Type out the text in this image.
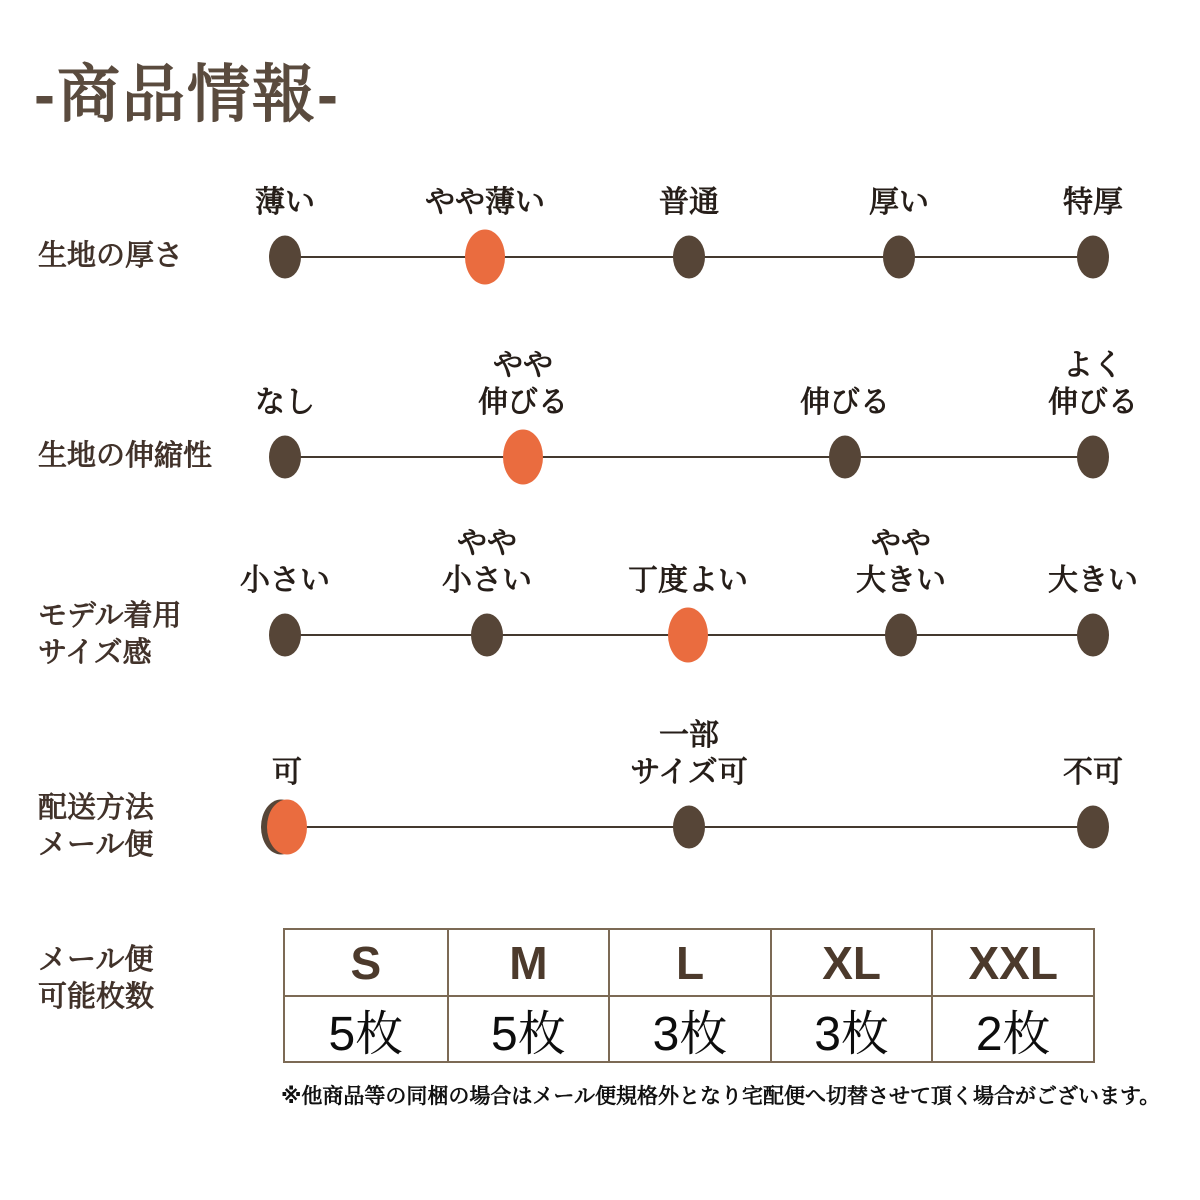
-商品情報-
生地の厚さ
薄い	やや薄い	普通	厚い	特厚
生地の伸縮性
なし
やや
伸びる	伸びる
よく
伸びる
モデル着用
サイズ感
小さい
やや
小さい	丁度よい
やや
大きい	大きい
配送方法
メール便
可
一部
サイズ可	不可
メール便
可能枚数
S	M	L	XL	XXL
5枚	5枚	3枚	3枚	2枚
※他商品等の同梱の場合はメール便規格外となり宅配便へ切替させて頂く場合がございます。
